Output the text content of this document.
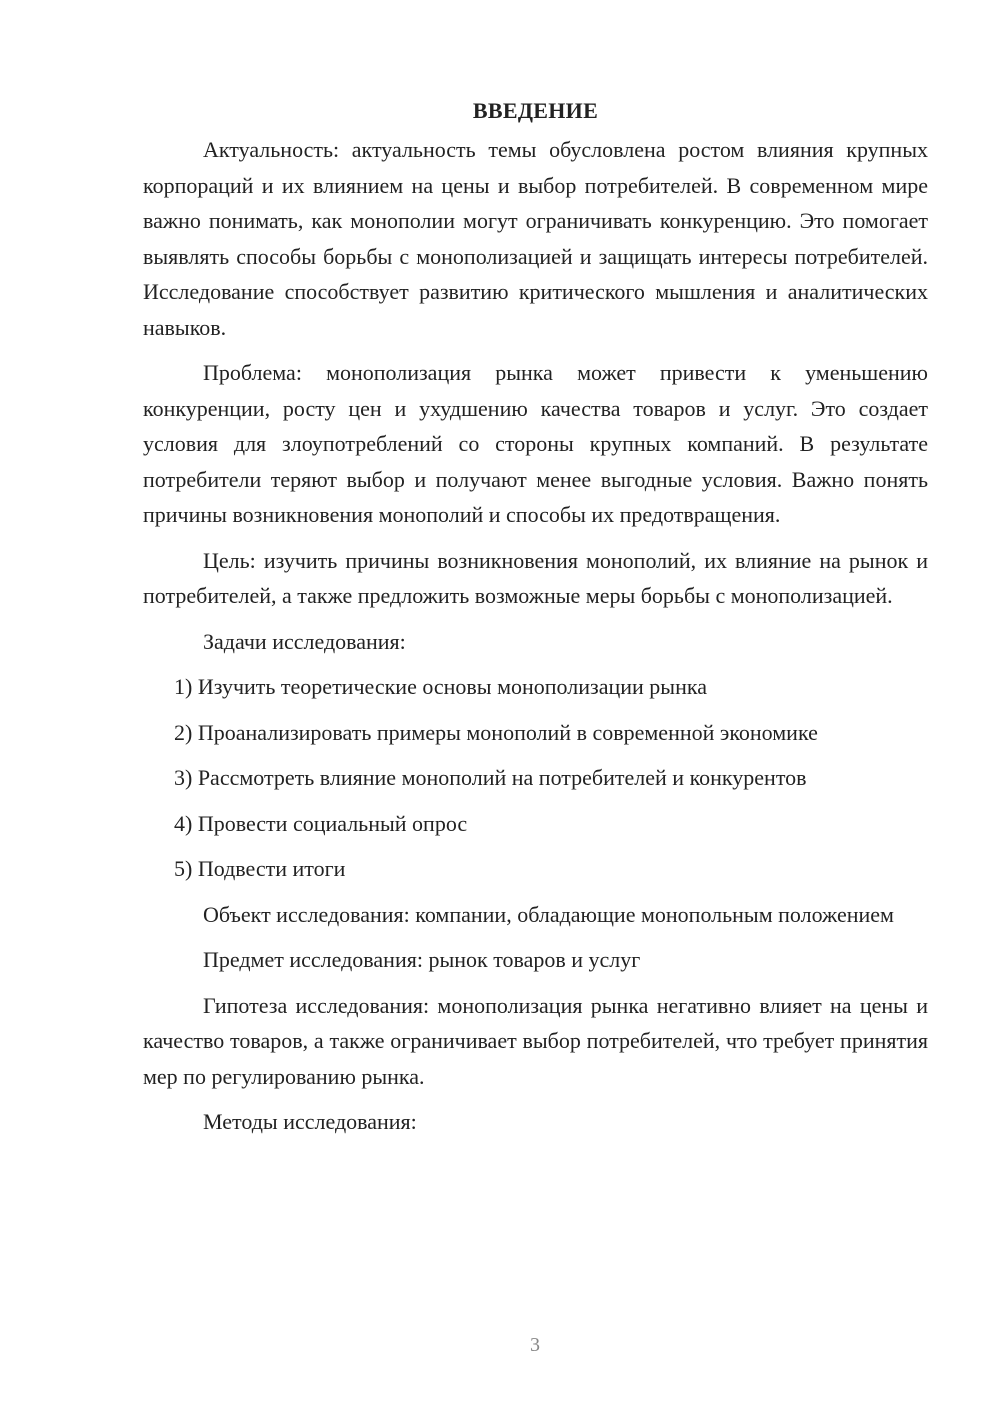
ВВЕДЕНИЕ

Актуальность: актуальность темы обусловлена ростом влияния крупных корпораций и их влиянием на цены и выбор потребителей. В современном мире важно понимать, как монополии могут ограничивать конкуренцию. Это помогает выявлять способы борьбы с монополизацией и защищать интересы потребителей. Исследование способствует развитию критического мышления и аналитических навыков.

Проблема: монополизация рынка может привести к уменьшению конкуренции, росту цен и ухудшению качества товаров и услуг. Это создает условия для злоупотреблений со стороны крупных компаний. В результате потребители теряют выбор и получают менее выгодные условия. Важно понять причины возникновения монополий и способы их предотвращения.

Цель: изучить причины возникновения монополий, их влияние на рынок и потребителей, а также предложить возможные меры борьбы с монополизацией.

Задачи исследования:

1) Изучить теоретические основы монополизации рынка
2) Проанализировать примеры монополий в современной экономике
3) Рассмотреть влияние монополий на потребителей и конкурентов
4) Провести социальный опрос
5) Подвести итоги

Объект исследования: компании, обладающие монопольным положением

Предмет исследования: рынок товаров и услуг

Гипотеза исследования: монополизация рынка негативно влияет на цены и качество товаров, а также ограничивает выбор потребителей, что требует принятия мер по регулированию рынка.

Методы исследования:

3
